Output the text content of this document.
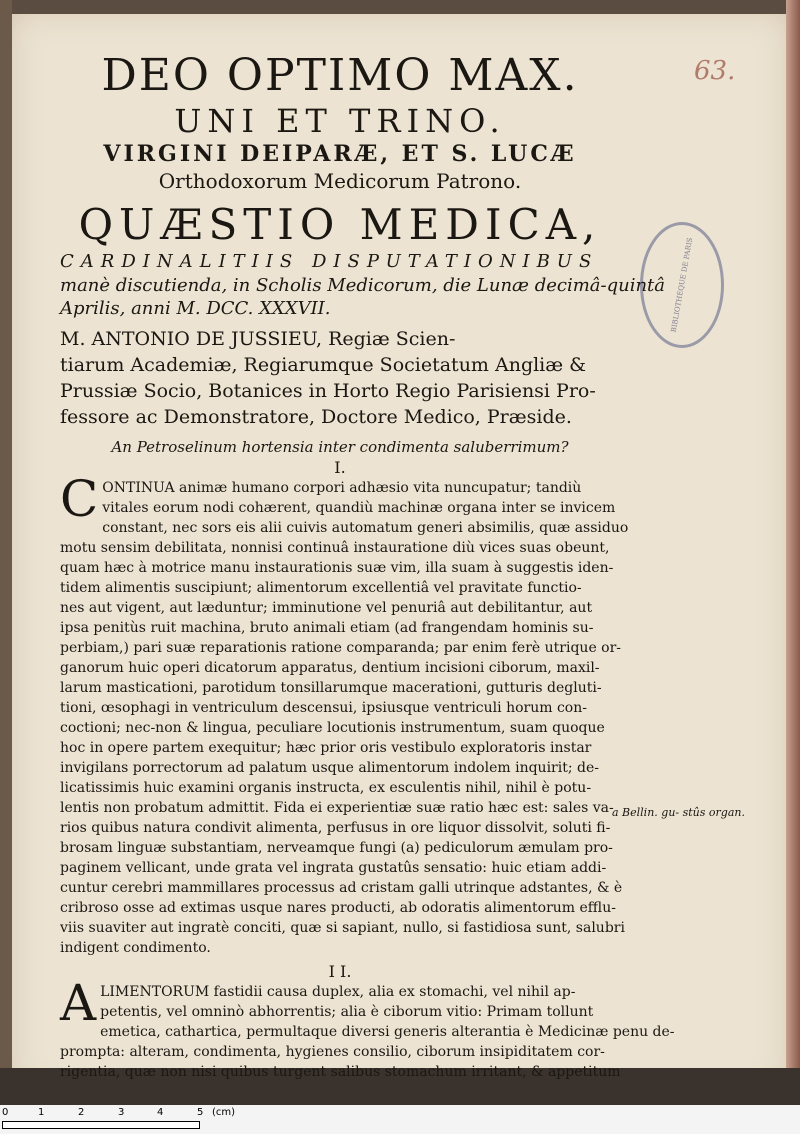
63.
BIBLIOTHEQUE DE PARIS
DEO OPTIMO MAX.
UNI ET TRINO.
VIRGINI DEIPARÆ, ET S. LUCÆ
Orthodoxorum Medicorum Patrono.
QUÆSTIO MEDICA,
CARDINALITIIS DISPUTATIONIBUS
manè discutienda, in Scholis Medicorum, die Lunæ decimâ-quintâ
Aprilis, anni M. DCC. XXXVII.
M. ANTONIO DE JUSSIEU, Regiæ Scien-
tiarum Academiæ, Regiarumque Societatum Angliæ &
Prussiæ Socio, Botanices in Horto Regio Parisiensi Pro-
fessore ac Demonstratore, Doctore Medico, Præside.
An Petroselinum hortensia inter condimenta saluberrimum?
I.
C ONTINUA animæ humano corpori adhæsio vita nuncupatur; tandiù
vitales eorum nodi cohærent, quandiù machinæ organa inter se invicem
constant, nec sors eis alii cuivis automatum generi absimilis, quæ assiduo
motu sensim debilitata, nonnisi continuâ instauratione diù vices suas obeunt,
quam hæc à motrice manu instaurationis suæ vim, illa suam à suggestis iden-
tidem alimentis suscipiunt; alimentorum excellentiâ vel pravitate functio-
nes aut vigent, aut læduntur; imminutione vel penuriâ aut debilitantur, aut
ipsa penitùs ruit machina, bruto animali etiam (ad frangendam hominis su-
perbiam,) pari suæ reparationis ratione comparanda; par enim ferè utrique or-
ganorum huic operi dicatorum apparatus, dentium incisioni ciborum, maxil-
larum masticationi, parotidum tonsillarumque macerationi, gutturis degluti-
tioni, œsophagi in ventriculum descensui, ipsiusque ventriculi horum con-
coctioni; nec-non & lingua, peculiare locutionis instrumentum, suam quoque
hoc in opere partem exequitur; hæc prior oris vestibulo exploratoris instar
invigilans porrectorum ad palatum usque alimentorum indolem inquirit; de-
licatissimis huic examini organis instructa, ex esculentis nihil, nihil è potu-
lentis non probatum admittit. Fida ei experientiæ suæ ratio hæc est: sales va-
rios quibus natura condivit alimenta, perfusus in ore liquor dissolvit, soluti fi-
brosam linguæ substantiam, nerveamque fungi (a) pediculorum æmulam pro-
paginem vellicant, unde grata vel ingrata gustatûs sensatio: huic etiam addi-
cuntur cerebri mammillares processus ad cristam galli utrinque adstantes, & è
cribroso osse ad extimas usque nares producti, ab odoratis alimentorum efflu-
viis suaviter aut ingratè conciti, quæ si sapiant, nullo, si fastidiosa sunt, salubri
indigent condimento.
I I.
A LIMENTORUM fastidii causa duplex, alia ex stomachi, vel nihil ap-
petentis, vel omninò abhorrentis; alia è ciborum vitio: Primam tollunt
emetica, cathartica, permultaque diversi generis alterantia è Medicinæ penu de-
prompta: alteram, condimenta, hygienes consilio, ciborum insipiditatem cor-
rigentia, quæ non nisi quibus turgent salibus stomachum irritant, & appetitum
a Bellin. gu- stûs organ.
0	1	2	3	4	5 (cm)
